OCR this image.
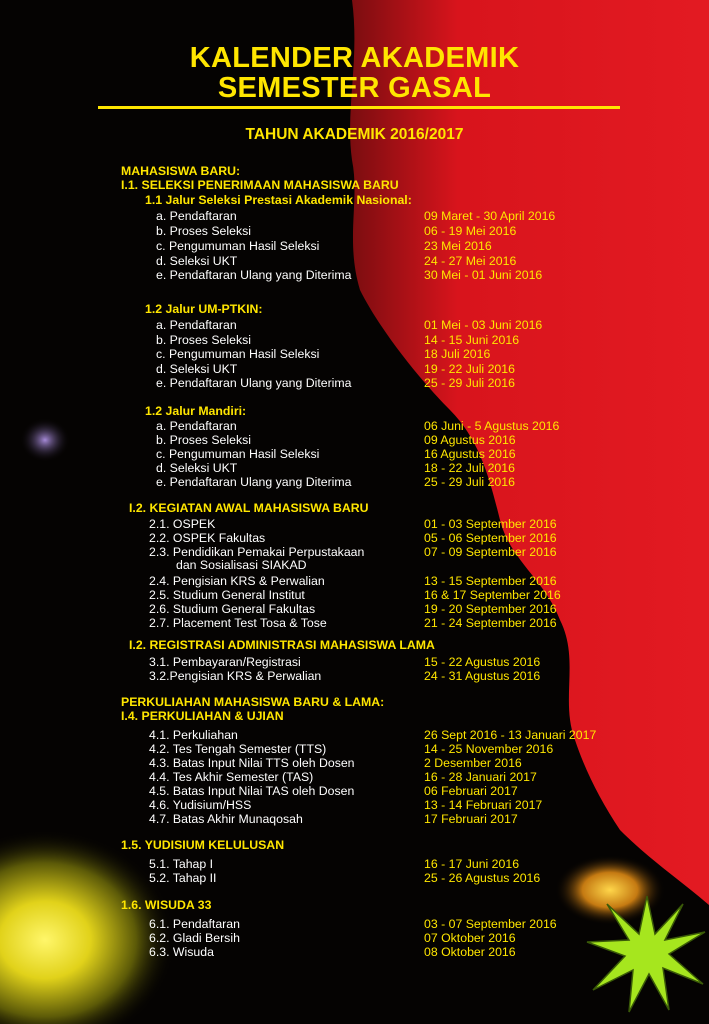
KALENDER AKADEMIK
SEMESTER GASAL
TAHUN AKADEMIK 2016/2017
MAHASISWA BARU:
I.1. SELEKSI PENERIMAAN MAHASISWA BARU
1.1 Jalur Seleksi Prestasi Akademik Nasional:
a. Pendaftaran	09 Maret - 30 April 2016
b. Proses Seleksi	06 - 19 Mei 2016
c. Pengumuman Hasil Seleksi	23 Mei 2016
d. Seleksi UKT	24 - 27 Mei 2016
e. Pendaftaran Ulang yang Diterima	30 Mei - 01 Juni 2016
1.2 Jalur UM-PTKIN:
a. Pendaftaran	01 Mei - 03 Juni 2016
b. Proses Seleksi	14 - 15 Juni 2016
c. Pengumuman Hasil Seleksi	18 Juli 2016
d. Seleksi UKT	19 - 22 Juli 2016
e. Pendaftaran Ulang yang Diterima	25 - 29 Juli 2016
1.2 Jalur Mandiri:
a. Pendaftaran	06 Juni - 5 Agustus 2016
b. Proses Seleksi	09 Agustus 2016
c. Pengumuman Hasil Seleksi	16 Agustus 2016
d. Seleksi UKT	18 - 22 Juli 2016
e. Pendaftaran Ulang yang Diterima	25 - 29 Juli 2016
I.2. KEGIATAN AWAL MAHASISWA BARU
2.1. OSPEK	01 - 03 September 2016
2.2. OSPEK Fakultas	05 - 06 September 2016
2.3. Pendidikan Pemakai Perpustakaan	07 - 09 September 2016
dan Sosialisasi SIAKAD
2.4. Pengisian KRS & Perwalian	13 - 15 September 2016
2.5. Studium General Institut	16 & 17 September 2016
2.6. Studium General Fakultas	19 - 20 September 2016
2.7. Placement Test Tosa & Tose	21 - 24 September 2016
I.2. REGISTRASI ADMINISTRASI MAHASISWA LAMA
3.1. Pembayaran/Registrasi	15 - 22 Agustus 2016
3.2.Pengisian KRS & Perwalian	24 - 31 Agustus 2016
PERKULIAHAN MAHASISWA BARU & LAMA:
I.4. PERKULIAHAN & UJIAN
4.1. Perkuliahan	26 Sept 2016 - 13 Januari 2017
4.2. Tes Tengah Semester (TTS)	14 - 25 November 2016
4.3. Batas Input Nilai TTS oleh Dosen	2 Desember 2016
4.4. Tes Akhir Semester (TAS)	16 - 28 Januari 2017
4.5. Batas Input Nilai TAS oleh Dosen	06 Februari 2017
4.6. Yudisium/HSS	13 - 14 Februari 2017
4.7. Batas Akhir Munaqosah	17 Februari 2017
1.5. YUDISIUM KELULUSAN
5.1. Tahap I	16 - 17 Juni 2016
5.2. Tahap II	25 - 26 Agustus 2016
1.6. WISUDA 33
6.1. Pendaftaran	03 - 07 September 2016
6.2. Gladi Bersih	07 Oktober 2016
6.3. Wisuda	08 Oktober 2016
